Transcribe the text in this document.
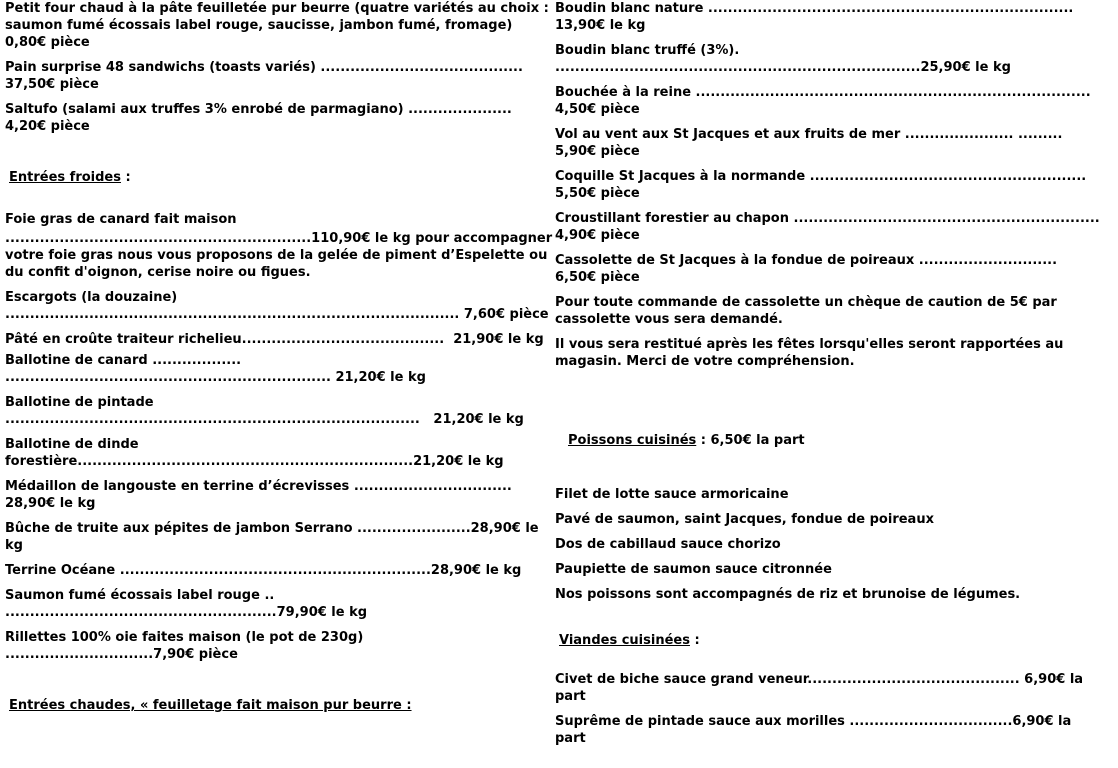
Petit four chaud à la pâte feuilletée pur beurre (quatre variétés au choix : saumon fumé écossais label rouge, saucisse, jambon fumé, fromage)          0,80€ pièce

Pain surprise 48 sandwichs (toasts variés) ......................................... 37,50€ pièce

Saltufo (salami aux truffes 3% enrobé de parmagiano) ..................... 4,20€ pièce

Entrées froides :

Foie gras de canard fait maison

..............................................................110,90€ le kg pour accompagner votre foie gras nous vous proposons de la gelée de piment d’Espelette ou du confit d'oignon, cerise noire ou figues.

Escargots (la douzaine) ............................................................................................ 7,60€ pièce

Pâté en croûte traiteur richelieu.........................................  21,90€ le kg

Ballotine de canard ..................
.................................................................. 21,20€ le kg

Ballotine de pintade
....................................................................................   21,20€ le kg

Ballotine de dinde
forestière....................................................................21,20€ le kg

Médaillon de langouste en terrine d’écrevisses ................................ 28,90€ le kg

Bûche de truite aux pépites de jambon Serrano .......................28,90€ le kg

Terrine Océane ...............................................................28,90€ le kg

Saumon fumé écossais label rouge ..
.......................................................79,90€ le kg

Rillettes 100% oie faites maison (le pot de 230g)
..............................7,90€ pièce

Entrées chaudes, « feuilletage fait maison pur beurre :

Boudin blanc nature .......................................................................... 13,90€ le kg

Boudin blanc truffé (3%).
..........................................................................25,90€ le kg

Bouchée à la reine ................................................................................ 4,50€ pièce

Vol au vent aux St Jacques et aux fruits de mer ...................... ......... 5,90€ pièce

Coquille St Jacques à la normande ........................................................ 5,50€ pièce

Croustillant forestier au chapon .............................................................. 4,90€ pièce

Cassolette de St Jacques à la fondue de poireaux ............................ 6,50€ pièce

Pour toute commande de cassolette un chèque de caution de 5€ par cassolette vous sera demandé.

Il vous sera restitué après les fêtes lorsqu'elles seront rapportées au magasin. Merci de votre compréhension.

Poissons cuisinés : 6,50€ la part

Filet de lotte sauce armoricaine

Pavé de saumon, saint Jacques, fondue de poireaux

Dos de cabillaud sauce chorizo

Paupiette de saumon sauce citronnée

Nos poissons sont accompagnés de riz et brunoise de légumes.

Viandes cuisinées :

Civet de biche sauce grand veneur........................................... 6,90€ la part

Suprême de pintade sauce aux morilles .................................6,90€ la part
